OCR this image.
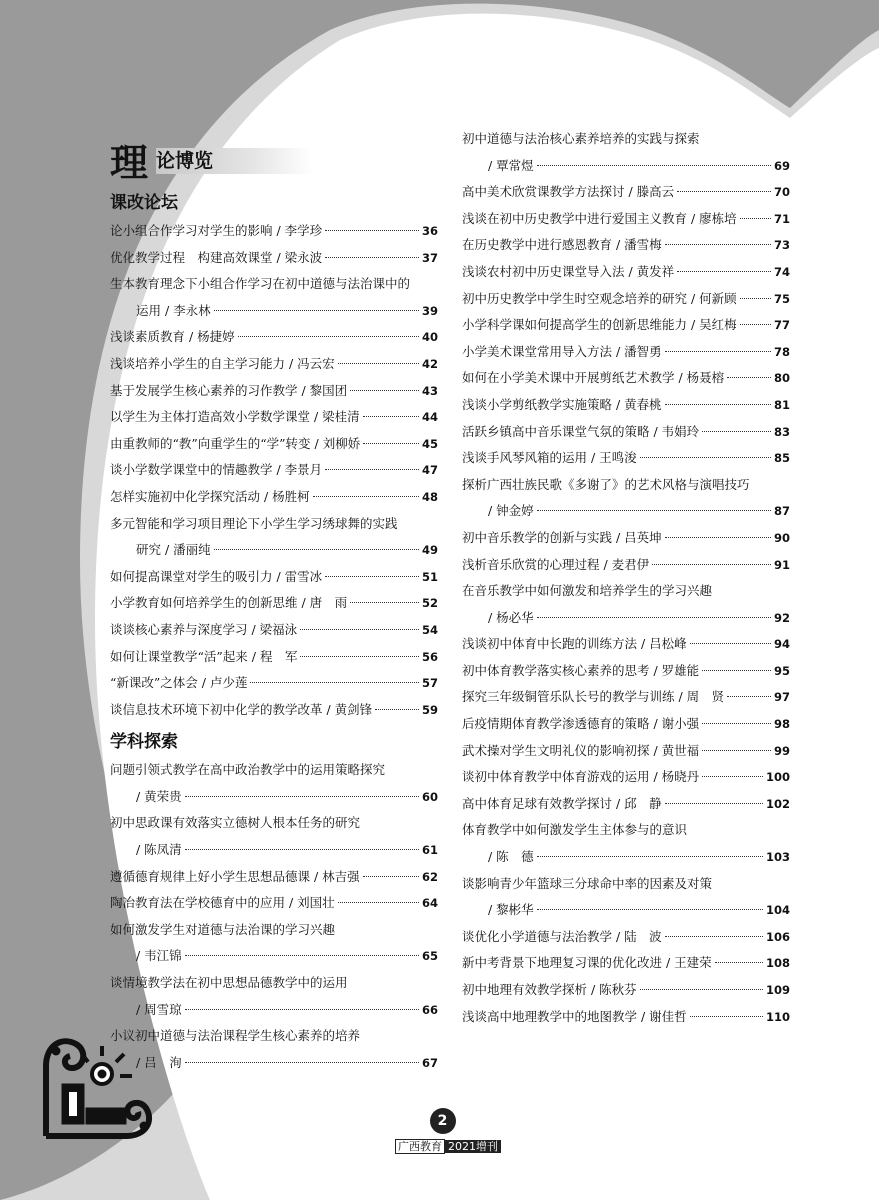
理 论博览
课改论坛
论小组合作学习对学生的影响 / 李学珍	36
优化教学过程　构建高效课堂 / 梁永波	37
生本教育理念下小组合作学习在初中道德与法治课中的
运用 / 李永林	39
浅谈素质教育 / 杨捷婷	40
浅谈培养小学生的自主学习能力 / 冯云宏	42
基于发展学生核心素养的习作教学 / 黎国团	43
以学生为主体打造高效小学数学课堂 / 梁桂清	44
由重教师的“教”向重学生的“学”转变 / 刘柳娇	45
谈小学数学课堂中的情趣教学 / 李景月	47
怎样实施初中化学探究活动 / 杨胜柯	48
多元智能和学习项目理论下小学生学习绣球舞的实践
研究 / 潘丽纯	49
如何提高课堂对学生的吸引力 / 雷雪冰	51
小学教育如何培养学生的创新思维 / 唐　雨	52
谈谈核心素养与深度学习 / 梁福泳	54
如何让课堂教学“活”起来 / 程　军	56
“新课改”之体会 / 卢少莲	57
谈信息技术环境下初中化学的教学改革 / 黄剑锋	59
学科探索
问题引领式教学在高中政治教学中的运用策略探究
/ 黄荣贵	60
初中思政课有效落实立德树人根本任务的研究
/ 陈凤清	61
遵循德育规律上好小学生思想品德课 / 林吉强	62
陶冶教育法在学校德育中的应用 / 刘国壮	64
如何激发学生对道德与法治课的学习兴趣
/ 韦江锦	65
谈情境教学法在初中思想品德教学中的运用
/ 周雪琼	66
小议初中道德与法治课程学生核心素养的培养
/ 吕　洵	67
初中道德与法治核心素养培养的实践与探索
/ 覃常煜	69
高中美术欣赏课教学方法探讨 / 滕高云	70
浅谈在初中历史教学中进行爱国主义教育 / 廖栋培	71
在历史教学中进行感恩教育 / 潘雪梅	73
浅谈农村初中历史课堂导入法 / 黄发祥	74
初中历史教学中学生时空观念培养的研究 / 何新顾	75
小学科学课如何提高学生的创新思维能力 / 吴红梅	77
小学美术课堂常用导入方法 / 潘智勇	78
如何在小学美术课中开展剪纸艺术教学 / 杨聂榕	80
浅谈小学剪纸教学实施策略 / 黄春桃	81
活跃乡镇高中音乐课堂气氛的策略 / 韦娟玲	83
浅谈手风琴风箱的运用 / 王鸣浚	85
探析广西壮族民歌《多谢了》的艺术风格与演唱技巧
/ 钟金婷	87
初中音乐教学的创新与实践 / 吕英坤	90
浅析音乐欣赏的心理过程 / 麦君伊	91
在音乐教学中如何激发和培养学生的学习兴趣
/ 杨必华	92
浅谈初中体育中长跑的训练方法 / 吕松峰	94
初中体育教学落实核心素养的思考 / 罗雄能	95
探究三年级铜管乐队长号的教学与训练 / 周　贤	97
后疫情期体育教学渗透德育的策略 / 谢小强	98
武术操对学生文明礼仪的影响初探 / 黄世福	99
谈初中体育教学中体育游戏的运用 / 杨晓丹	100
高中体育足球有效教学探讨 / 邱　静	102
体育教学中如何激发学生主体参与的意识
/ 陈　德	103
谈影响青少年篮球三分球命中率的因素及对策
/ 黎彬华	104
谈优化小学道德与法治教学 / 陆　波	106
新中考背景下地理复习课的优化改进 / 王建荣	108
初中地理有效教学探析 / 陈秋芬	109
浅谈高中地理教学中的地图教学 / 谢佳哲	110
2
广西教育 2021增刊
